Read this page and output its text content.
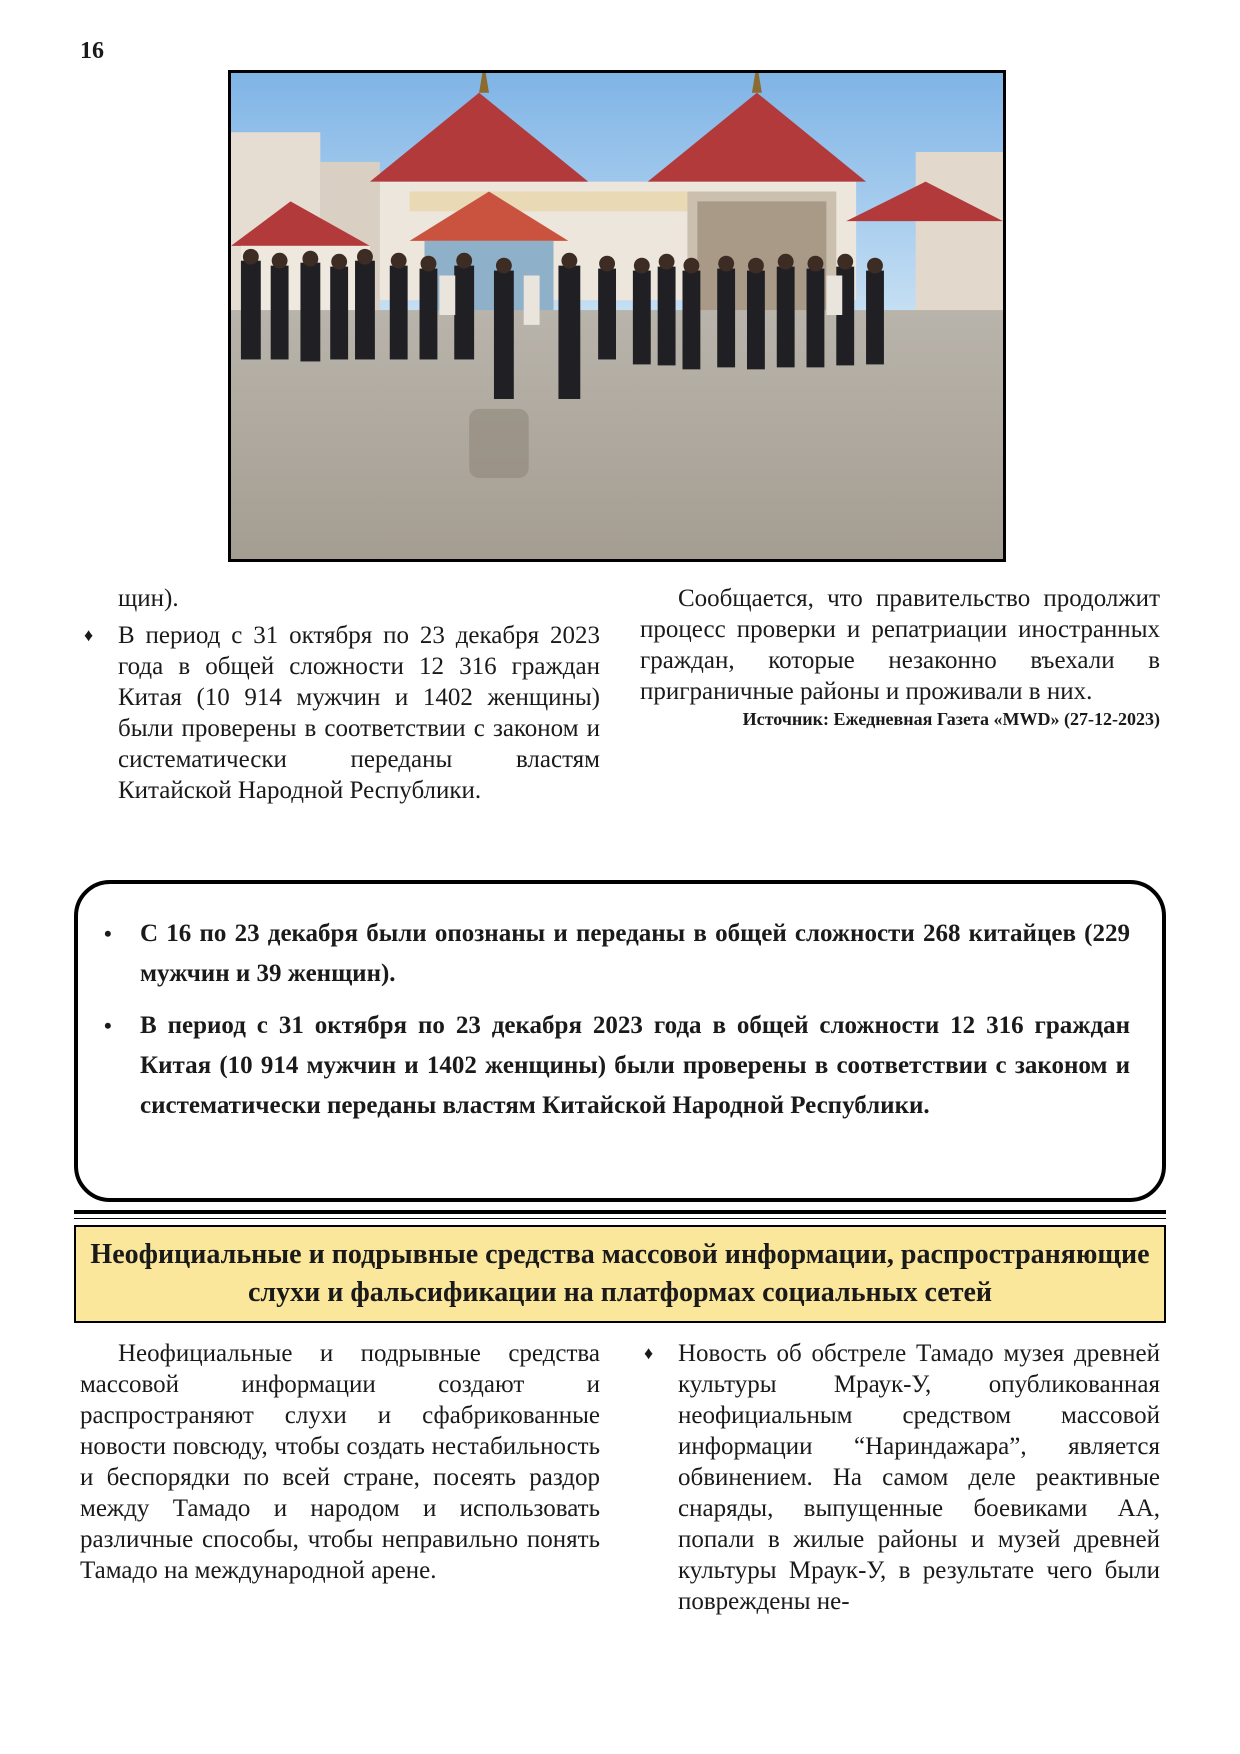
16

щин).

♦ В период с 31 октября по 23 декабря 2023 года в общей сложности 12 316 граждан Китая (10 914 мужчин и 1402 женщины) были проверены в соответствии с законом и систематически переданы властям Китайской Народной Республики.

Сообщается, что правительство продолжит процесс проверки и репатриации иностранных граждан, которые незаконно въехали в приграничные районы и проживали в них.

Источник: Ежедневная Газета «MWD» (27-12-2023)

• С 16 по 23 декабря были опознаны и переданы в общей сложности 268 китайцев (229 мужчин и 39 женщин).
• В период с 31 октября по 23 декабря 2023 года в общей сложности 12 316 граждан Китая (10 914 мужчин и 1402 женщины) были проверены в соответствии с законом и систематически переданы властям Китайской Народной Республики.
Неофициальные и подрывные средства массовой информации, распространяющие слухи и фальсификации на платформах социальных сетей

Неофициальные и подрывные средства массовой информации создают и распространяют слухи и сфабрикованные новости повсюду, чтобы создать нестабильность и беспорядки по всей стране, посеять раздор между Тамадо и народом и использовать различные способы, чтобы неправильно понять Тамадо на международной арене.

♦ Новость об обстреле Тамадо музея древней культуры Мраук-У, опубликованная неофициальным средством массовой информации “Нариндажара”, является обвинением. На самом деле реактивные снаряды, выпущенные боевиками АА, попали в жилые районы и музей древней культуры Мраук-У, в результате чего были повреждены не-
